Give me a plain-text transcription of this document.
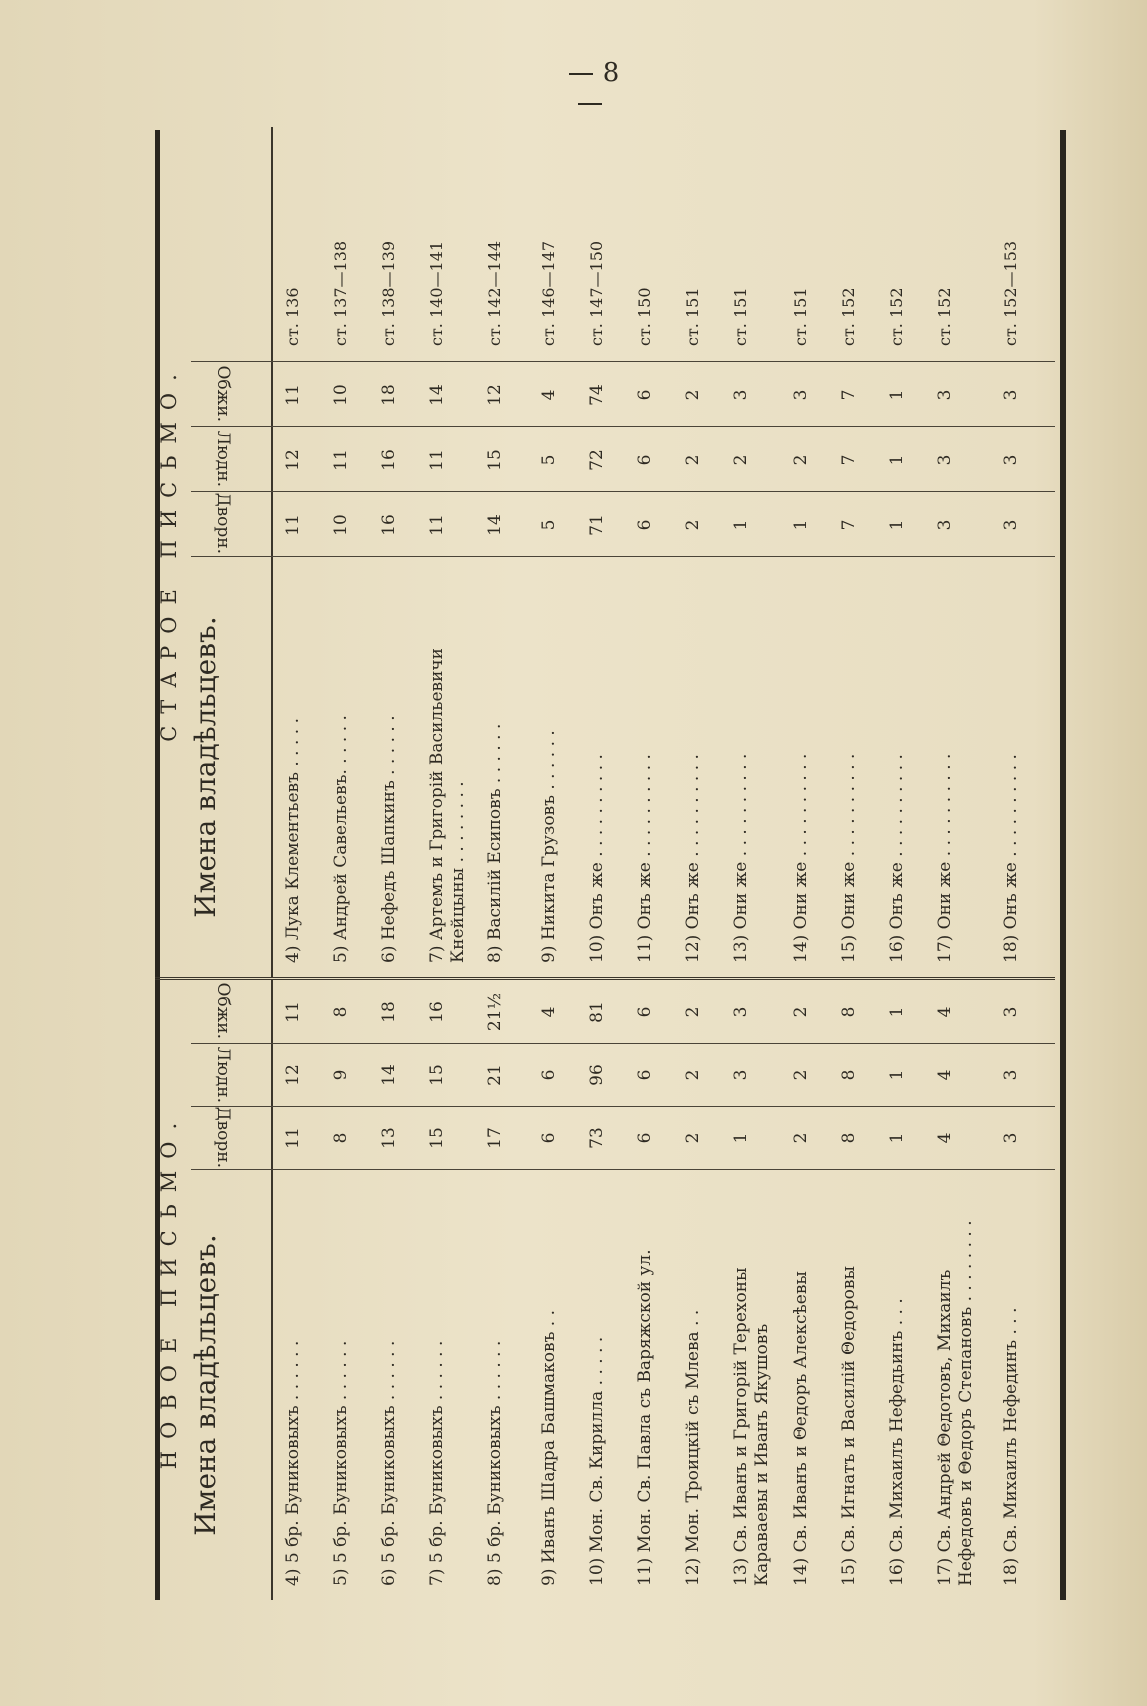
8
НОВОЕ ПИСЬМО. Имена владѣльцевъ.
Дворн.
Людн.
Обжи.
4) 5 бр. Буниковыхъ . . . . . .
11
12
11
5) 5 бр. Буниковыхъ . . . . . .
8
9
8
6) 5 бр. Буниковыхъ . . . . . .
13
14
18
7) 5 бр. Буниковыхъ . . . . . .
15
15
16
8) 5 бр. Буниковыхъ . . . . . .
17
21
21½
9) Иванъ Шадра Башмаковъ . .
6
6
4
10) Мон. Св. Кирилла . . . . .
73
96
81
11) Мон. Св. Павла съ Варяжской ул.
6
6
6
12) Мон. Троицкій съ Млева . .
2
2
2
13) Св. Иванъ и Григорій Терехоны Караваевы и Иванъ Якушовъ
1
3
3
14) Св. Иванъ и Θедоръ Алексѣевы
2
2
2
15) Св. Игнатъ и Василій Θедоровы
8
8
8
16) Св. Михаилъ Нефедьинъ . . .
1
1
1
17) Св. Андрей Θедотовъ, Михаилъ Нефедовъ и Θедоръ Степановъ . . . . . . . .
4
4
4
18) Св. Михаилъ Нефединъ . . .
3
3
3
СТАРОЕ ПИСЬМО.
Имена владѣльцевъ.
Дворн.
Людн.
Обжи.
4) Лука Клементьевъ . . . . .
11
12
11
ст. 136
5) Андрей Савельевъ. . . . . .
10
11
10
ст. 137—138
6) Нефедъ Шапкинъ . . . . . .
16
16
18
ст. 138—139
7) Артемъ и Григорій Васильевичи Кнейцыны . . . . . . . .
11
11
14
ст. 140—141
8) Василій Есиповъ . . . . . .
14
15
12
ст. 142—144
9) Никита Грузовъ . . . . . .
5
5
4
ст. 146—147
10) Онъ же . . . . . . . . . .
71
72
74
ст. 147—150
11) Онъ же . . . . . . . . . .
6
6
6
ст. 150
12) Онъ же . . . . . . . . . .
2
2
2
ст. 151
13) Они же . . . . . . . . . .
1
2
3
ст. 151
14) Они же . . . . . . . . . .
1
2
3
ст. 151
15) Они же . . . . . . . . . .
7
7
7
ст. 152
16) Онъ же . . . . . . . . . .
1
1
1
ст. 152
17) Они же . . . . . . . . . .
3
3
3
ст. 152
18) Онъ же . . . . . . . . . .
3
3
3
ст. 152—153
